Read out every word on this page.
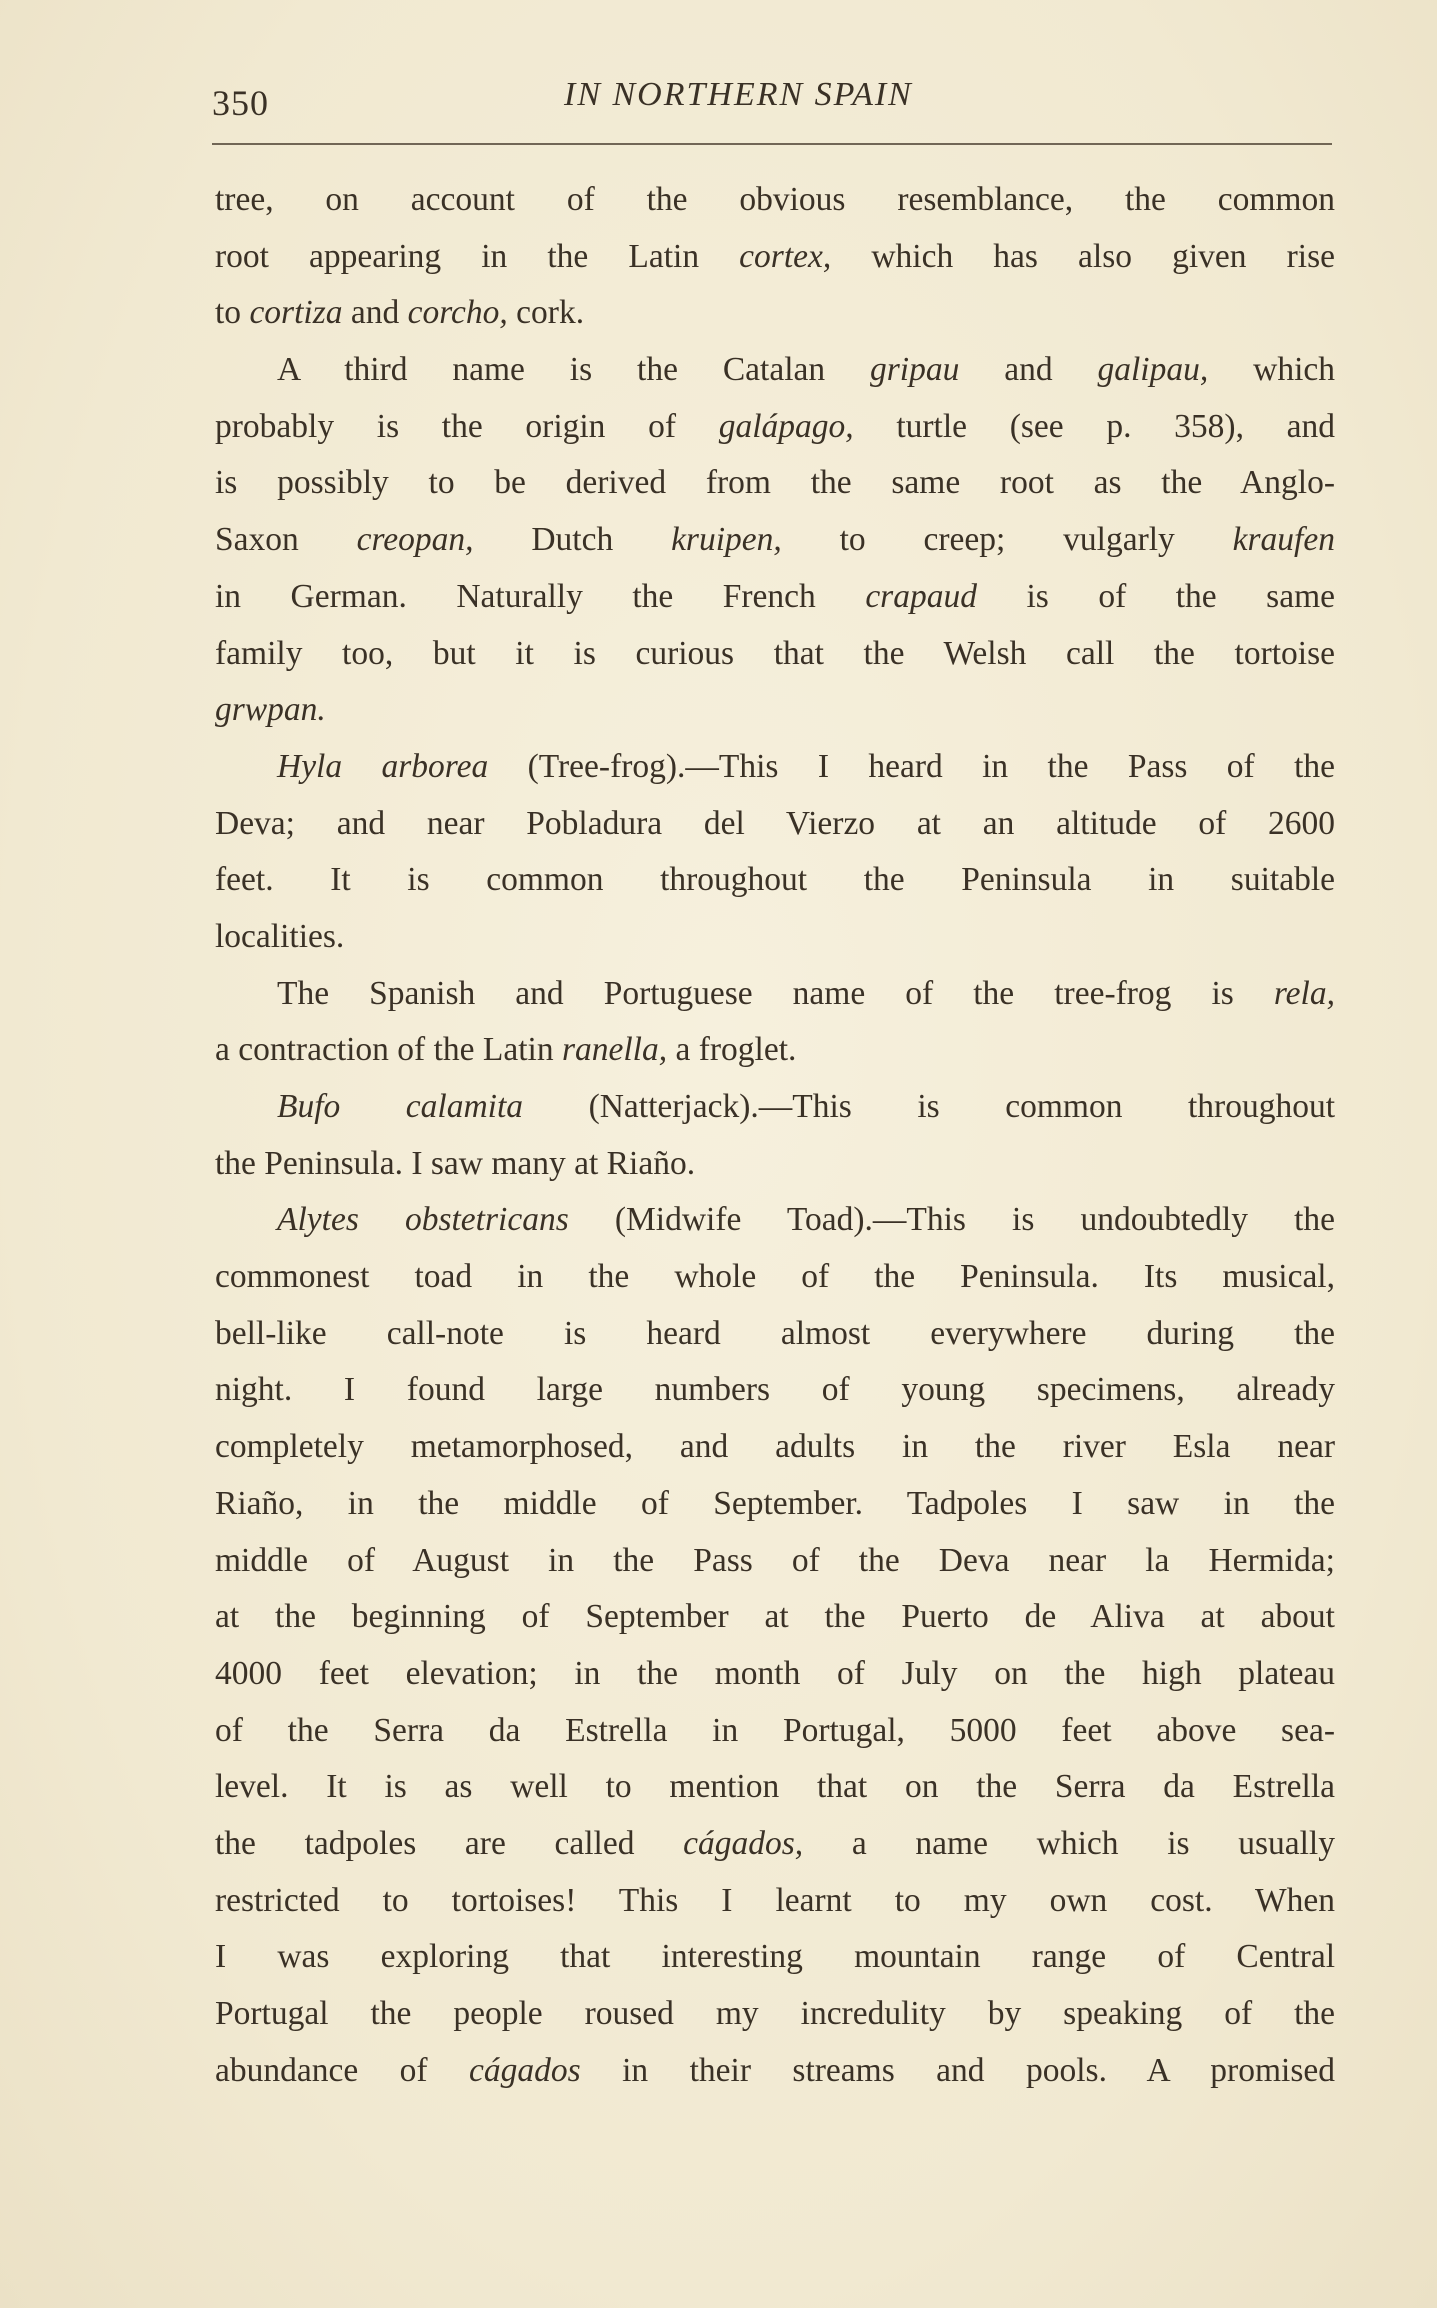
350	IN NORTHERN SPAIN
tree, on account of the obvious resemblance, the common
root appearing in the Latin cortex, which has also given rise
to cortiza and corcho, cork.
A third name is the Catalan gripau and galipau, which
probably is the origin of galápago, turtle (see p. 358), and
is possibly to be derived from the same root as the Anglo-
Saxon creopan, Dutch kruipen, to creep; vulgarly kraufen
in German. Naturally the French crapaud is of the same
family too, but it is curious that the Welsh call the tortoise
grwpan.
Hyla arborea (Tree-frog).—This I heard in the Pass of the
Deva; and near Pobladura del Vierzo at an altitude of 2600
feet. It is common throughout the Peninsula in suitable
localities.
The Spanish and Portuguese name of the tree-frog is rela,
a contraction of the Latin ranella, a froglet.
Bufo calamita (Natterjack).—This is common throughout
the Peninsula. I saw many at Riaño.
Alytes obstetricans (Midwife Toad).—This is undoubtedly the
commonest toad in the whole of the Peninsula. Its musical,
bell-like call-note is heard almost everywhere during the
night. I found large numbers of young specimens, already
completely metamorphosed, and adults in the river Esla near
Riaño, in the middle of September. Tadpoles I saw in the
middle of August in the Pass of the Deva near la Hermida;
at the beginning of September at the Puerto de Aliva at about
4000 feet elevation; in the month of July on the high plateau
of the Serra da Estrella in Portugal, 5000 feet above sea-
level. It is as well to mention that on the Serra da Estrella
the tadpoles are called cágados, a name which is usually
restricted to tortoises! This I learnt to my own cost. When
I was exploring that interesting mountain range of Central
Portugal the people roused my incredulity by speaking of the
abundance of cágados in their streams and pools. A promised
